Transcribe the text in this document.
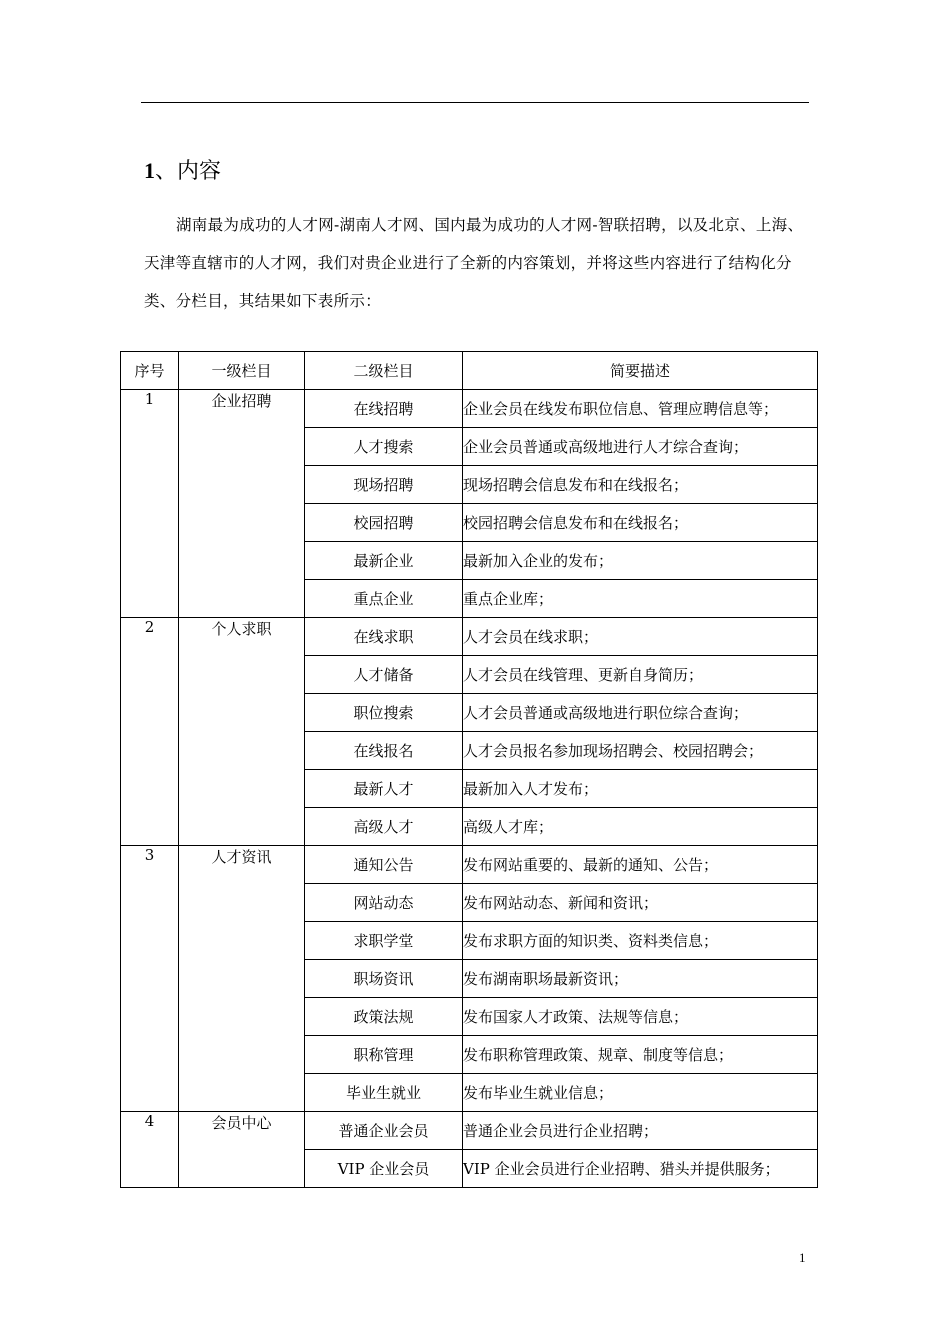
1、内容

湖南最为成功的人才网-湖南人才网、国内最为成功的人才网-智联招聘，以及北京、上海、天津等直辖市的人才网，我们对贵企业进行了全新的内容策划，并将这些内容进行了结构化分类、分栏目，其结果如下表所示：

序号	一级栏目	二级栏目	简要描述
1	企业招聘	在线招聘	企业会员在线发布职位信息、管理应聘信息等；
		人才搜索	企业会员普通或高级地进行人才综合查询；
		现场招聘	现场招聘会信息发布和在线报名；
		校园招聘	校园招聘会信息发布和在线报名；
		最新企业	最新加入企业的发布；
		重点企业	重点企业库；
2	个人求职	在线求职	人才会员在线求职；
		人才储备	人才会员在线管理、更新自身简历；
		职位搜索	人才会员普通或高级地进行职位综合查询；
		在线报名	人才会员报名参加现场招聘会、校园招聘会；
		最新人才	最新加入人才发布；
		高级人才	高级人才库；
3	人才资讯	通知公告	发布网站重要的、最新的通知、公告；
		网站动态	发布网站动态、新闻和资讯；
		求职学堂	发布求职方面的知识类、资料类信息；
		职场资讯	发布湖南职场最新资讯；
		政策法规	发布国家人才政策、法规等信息；
		职称管理	发布职称管理政策、规章、制度等信息；
		毕业生就业	发布毕业生就业信息；
4	会员中心	普通企业会员	普通企业会员进行企业招聘；
		VIP 企业会员	VIP 企业会员进行企业招聘、猎头并提供服务；
1
